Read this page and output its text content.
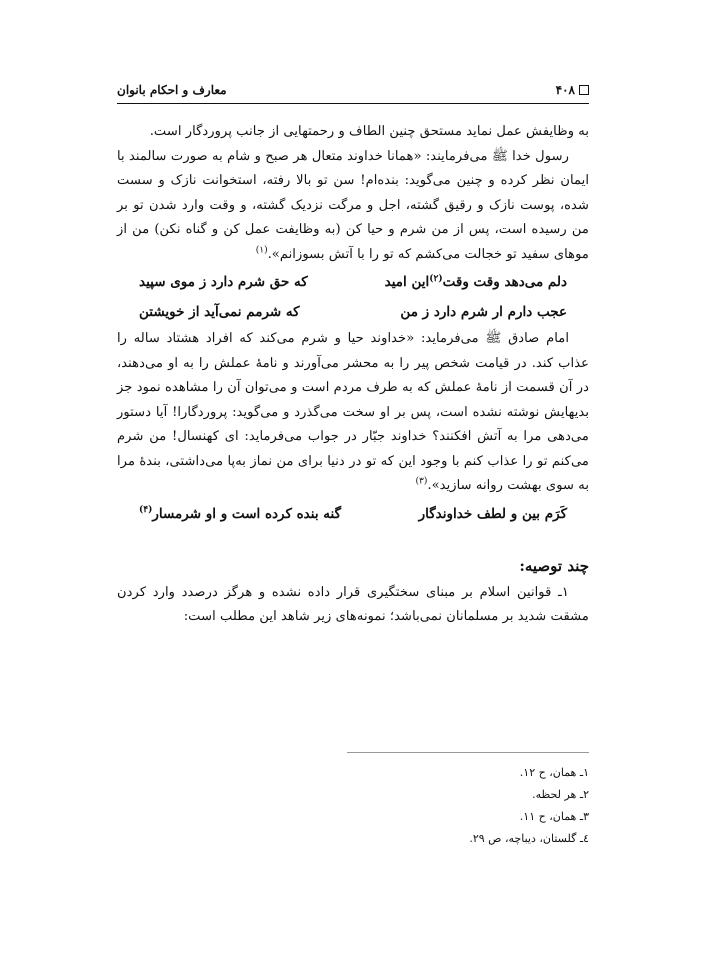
۴۰۸
معارف و احکام بانوان

به وظایفش عمل نماید مستحق چنین الطاف و رحمتهایی از جانب پروردگار است.

رسول خدا ﷺ می‌فرمایند: «همانا خداوند متعال هر صبح و شام به صورت سالمند با ایمان نظر کرده و چنین می‌گوید: بنده‌ام! سن تو بالا رفته، استخوانت نازک و سست شده، پوست نازک و رقیق گشته، اجل و مرگت نزدیک گشته، و وقت وارد شدن تو بر من رسیده است، پس از من شرم و حیا کن (به وظایفت عمل کن و گناه نکن) من از موهای سفید تو خجالت می‌کشم که تو را با آتش بسوزانم».$^{(۱)}$

دلم می‌دهد وقت وقت(۲)این امید
که حق شرم دارد ز موی سپید
عجب دارم ار شرم دارد ز من
که شرمم نمی‌آید از خویشتن

امام صادق ﷺ می‌فرماید: «خداوند حیا و شرم می‌کند که افراد هشتاد ساله را عذاب کند. در قیامت شخص پیر را به محشر می‌آورند و نامهٔ عملش را به او می‌دهند، در آن قسمت از نامهٔ عملش که به طرف مردم است و می‌توان آن را مشاهده نمود جز بدیهایش نوشته نشده است، پس بر او سخت می‌گذرد و می‌گوید: پروردگارا! آیا دستور می‌دهی مرا به آتش افکنند؟ خداوند جبّار در جواب می‌فرماید: ای کهنسال! من شرم می‌کنم تو را عذاب کنم با وجود این که تو در دنیا برای من نماز به‌پا می‌داشتی، بندهٔ مرا به سوی بهشت روانه سازید».$^{(۳)}$

کَرَم بین و لطف خداوندگار
گنه بنده کرده است و او شرمسار(۴)
چند توصیه:

۱ـ قوانین اسلام بر مبنای سختگیری قرار داده نشده و هرگز درصدد وارد کردن مشقت شدید بر مسلمانان نمی‌باشد؛ نمونه‌های زیر شاهد این مطلب است:

۱ـ همان، ح ۱۲.
۲ـ هر لحظه.
۳ـ همان، ح ۱۱.
٤ـ گلستان، دیباچه، ص ۲۹.
